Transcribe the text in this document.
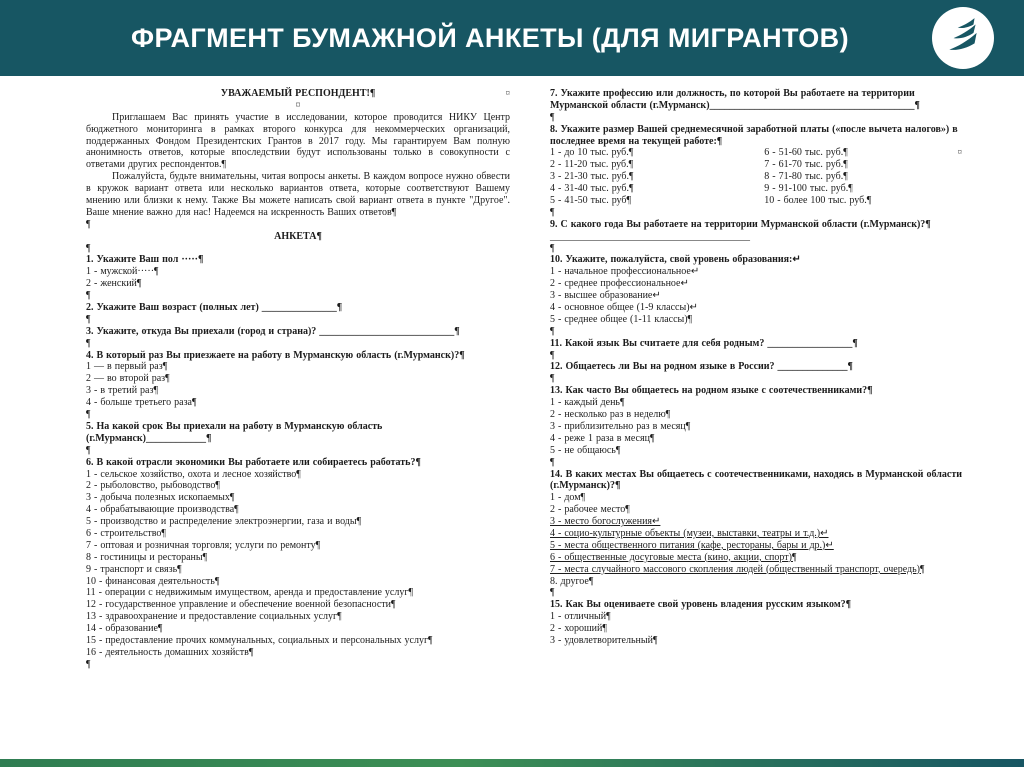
ФРАГМЕНТ БУМАЖНОЙ АНКЕТЫ (ДЛЯ МИГРАНТОВ)

УВАЖАЕМЫЙ РЕСПОНДЕНТ!¶	¤

¤

Приглашаем Вас принять участие в исследовании, которое проводится НИКУ Центр бюджетного мониторинга в рамках второго конкурса для некоммерческих организаций, поддержанных Фондом Президентских Грантов в 2017 году. Мы гарантируем Вам полную анонимность ответов, которые впоследствии будут использованы только в совокупности с ответами других респондентов.¶

Пожалуйста, будьте внимательны, читая вопросы анкеты. В каждом вопросе нужно обвести в кружок вариант ответа или несколько вариантов ответа, которые соответствуют Вашему мнению или близки к нему. Также Вы можете написать свой вариант ответа в пункте "Другое". Ваше мнение важно для нас! Надеемся на искренность Ваших ответов¶

¶

АНКЕТА¶

¶

1. Укажите Ваш пол ·····¶

1 - мужской·····¶

2 - женский¶

¶

2. Укажите Ваш возраст (полных лет) _______________¶

¶

3. Укажите, откуда Вы приехали (город и страна)? ___________________________¶

¶

4. В который раз Вы приезжаете на работу в Мурманскую область (г.Мурманск)?¶

1 — в первый раз¶

2 — во второй раз¶

3 - в третий раз¶

4 - больше третьего раза¶

¶

5. На какой срок Вы приехали на работу в Мурманскую область (г.Мурманск)____________¶

¶

6. В какой отрасли экономики Вы работаете или собираетесь работать?¶

1 - сельское хозяйство, охота и лесное хозяйство¶

2 - рыболовство, рыбоводство¶

3 - добыча полезных ископаемых¶

4 - обрабатывающие производства¶

5 - производство и распределение электроэнергии, газа и воды¶

6 - строительство¶

7 - оптовая и розничная торговля; услуги по ремонту¶

8 - гостиницы и рестораны¶

9 - транспорт и связь¶

10 - финансовая деятельность¶

11 - операции с недвижимым имуществом, аренда и предоставление услуг¶

12 - государственное управление и обеспечение военной безопасности¶

13 - здравоохранение и предоставление социальных услуг¶

14 - образование¶

15 - предоставление прочих коммунальных, социальных и персональных услуг¶

16 - деятельность домашних хозяйств¶

¶

7. Укажите профессию или должность, по которой Вы работаете на территории Мурманской области (г.Мурманск)_________________________________________¶

¶

8. Укажите размер Вашей среднемесячной заработной платы («после вычета налогов») в последнее время на текущей работе:¶

1 - до 10 тыс. руб.¶	6 - 51-60 тыс. руб.¶	¤

2 - 11-20 тыс. руб.¶	7 - 61-70 тыс. руб.¶

3 - 21-30 тыс. руб.¶	8 - 71-80 тыс. руб.¶

4 - 31-40 тыс. руб.¶	9 - 91-100 тыс. руб.¶

5 - 41-50 тыс. руб¶	10 - более 100 тыс. руб.¶

¶

9. С какого года Вы работаете на территории Мурманской области (г.Мурманск)?¶

________________________________________

¶

10. Укажите, пожалуйста, свой уровень образования:↵

1 - начальное профессиональное↵

2 - среднее профессиональное↵

3 - высшее образование↵

4 - основное общее (1-9 классы)↵

5 - среднее общее (1-11 классы)¶

¶

11. Какой язык Вы считаете для себя родным? _________________¶

¶

12. Общаетесь ли Вы на родном языке в России? ______________¶

¶

13. Как часто Вы общаетесь на родном языке с соотечественниками?¶

1 - каждый день¶

2 - несколько раз в неделю¶

3 - приблизительно раз в месяц¶

4 - реже 1 раза в месяц¶

5 - не общаюсь¶

¶

14. В каких местах Вы общаетесь с соотечественниками, находясь в Мурманской области (г.Мурманск)?¶

1 - дом¶

2 - рабочее место¶

3 - место богослужения↵

4 - социо-культурные объекты (музеи, выставки, театры и т.д.)↵

5 - места общественного питания (кафе, рестораны, бары и др.)↵

6 - общественные досуговые места (кино, акции, спорт)¶

7 - места случайного массового скопления людей (общественный транспорт, очередь)¶

8. другое¶

¶

15. Как Вы оцениваете свой уровень владения русским языком?¶

1 - отличный¶

2 - хороший¶

3 - удовлетворительный¶
